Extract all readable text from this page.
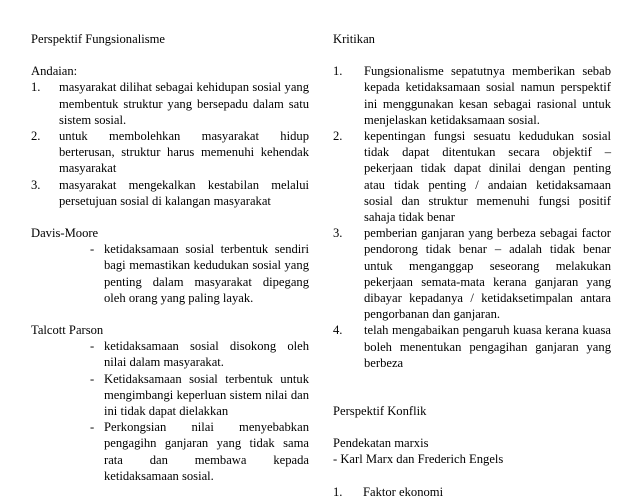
Perspektif Fungsionalisme

Andaian:

1. masyarakat dilihat sebagai kehidupan sosial yang membentuk struktur yang bersepadu dalam satu sistem sosial.
2. untuk membolehkan masyarakat hidup berterusan, struktur harus memenuhi kehendak masyarakat
3. masyarakat mengekalkan kestabilan melalui persetujuan sosial di kalangan masyarakat

Davis-Moore

- ketidaksamaan sosial terbentuk sendiri bagi memastikan kedudukan sosial yang penting dalam masyarakat dipegang oleh orang yang paling layak.

Talcott Parson

- ketidaksamaan sosial disokong oleh nilai dalam masyarakat.
- Ketidaksamaan sosial terbentuk untuk mengimbangi keperluan sistem nilai dan ini tidak dapat dielakkan
- Perkongsian nilai menyebabkan pengagihn ganjaran yang tidak sama rata dan membawa kepada ketidaksamaan sosial.

Kritikan

1. Fungsionalisme sepatutnya memberikan sebab kepada ketidaksamaan sosial namun perspektif ini menggunakan kesan sebagai rasional untuk menjelaskan ketidaksamaan sosial.
2. kepentingan fungsi sesuatu kedudukan sosial tidak dapat ditentukan secara objektif – pekerjaan tidak dapat dinilai dengan penting atau tidak penting / andaian ketidaksamaan sosial dan struktur memenuhi fungsi positif sahaja tidak benar
3. pemberian ganjaran yang berbeza sebagai factor pendorong tidak benar – adalah tidak benar untuk menganggap seseorang melakukan pekerjaan semata-mata kerana ganjaran yang dibayar kepadanya / ketidaksetimpalan antara pengorbanan dan ganjaran.
4. telah mengabaikan pengaruh kuasa kerana kuasa boleh menentukan pengagihan ganjaran yang berbeza

Perspektif Konflik

Pendekatan marxis

- Karl Marx dan Frederich Engels

1. Faktor ekonomi
